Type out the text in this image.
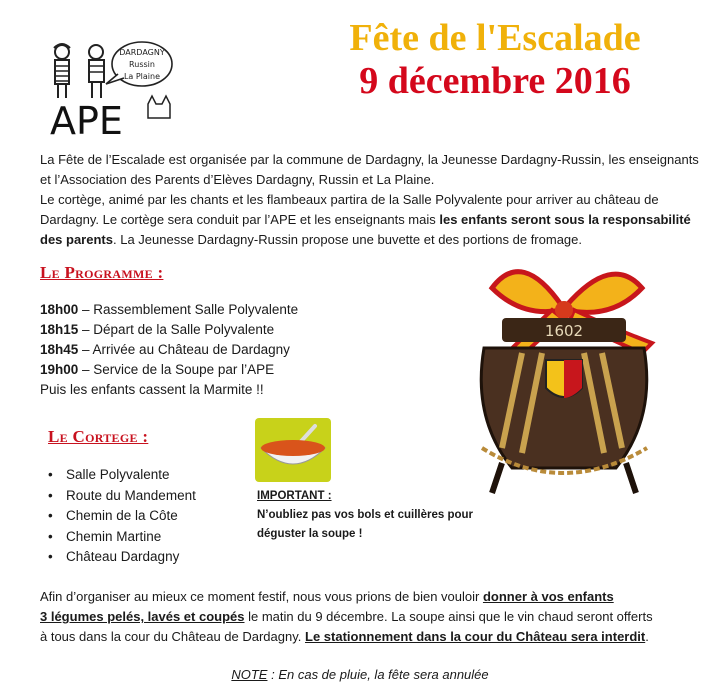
DARDAGNY
Russin
La Plaine
APE
Fête de l'Escalade
9 décembre 2016

La Fête de l’Escalade est organisée par la commune de Dardagny, la Jeunesse Dardagny-Russin, les enseignants et l’Association des Parents d’Elèves Dardagny, Russin et La Plaine.

Le cortège, animé par les chants et les flambeaux partira de la Salle Polyvalente pour arriver au château de Dardagny. Le cortège sera conduit par l’APE et les enseignants mais les enfants seront sous la responsabilité des parents. La Jeunesse Dardagny-Russin propose une buvette et des portions de fromage.

Le Programme :
18h00 – Rassemblement Salle Polyvalente
18h15 – Départ de la Salle Polyvalente
18h45 – Arrivée au Château de Dardagny
19h00 – Service de la Soupe par l’APE
Puis les enfants cassent la Marmite !!
Le Cortege :
• Salle Polyvalente
• Route du Mandement
• Chemin de la Côte
• Chemin Martine
• Château Dardagny
IMPORTANT :
N’oubliez pas vos bols et cuillères pour
déguster la soupe !
1602

Afin d’organiser au mieux ce moment festif, nous vous prions de bien vouloir donner à vos enfants

3 légumes pelés, lavés et coupés le matin du 9 décembre. La soupe ainsi que le vin chaud seront offerts

à tous dans la cour du Château de Dardagny. Le stationnement dans la cour du Château sera interdit.

NOTE : En cas de pluie, la fête sera annulée
